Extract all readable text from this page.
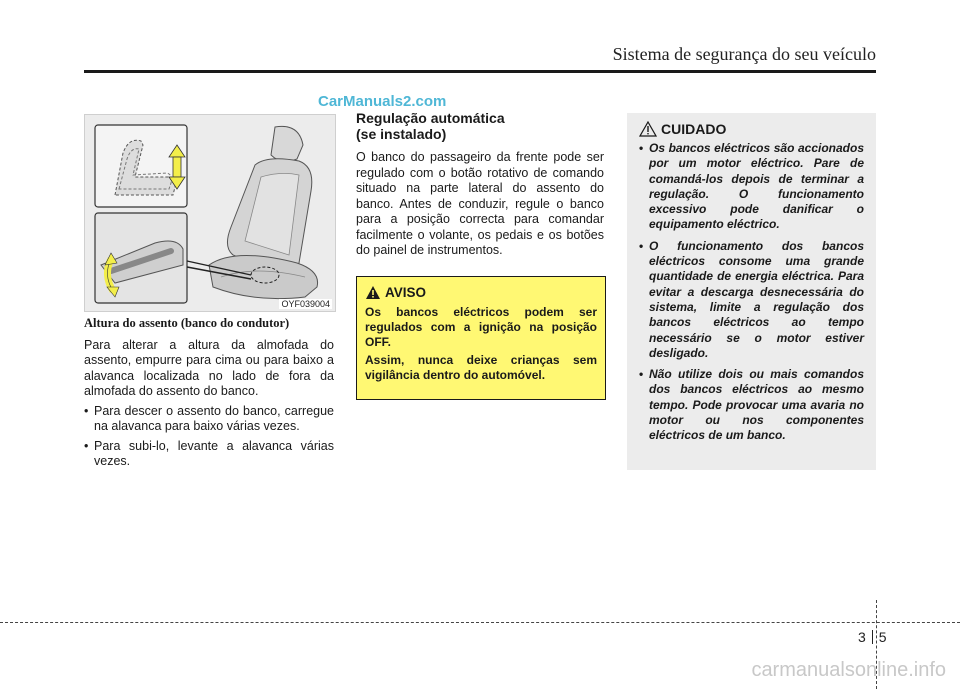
Sistema de segurança do seu veículo
CarManuals2.com
OYF039004
Altura do assento (banco do condutor)

Para alterar a altura da almofada do assento, empurre para cima ou para baixo a alavanca localizada no lado de fora da almofada do assento do banco.

• Para descer o assento do banco, carregue na alavanca para baixo várias vezes.
• Para subi-lo, levante a alavanca várias vezes.
Regulação automática
(se instalado)

O banco do passageiro da frente pode ser regulado com o botão rotativo de comando situado na parte lateral do assento do banco. Antes de conduzir, regule o banco para a posição correcta para comandar facilmente o volante, os pedais e os botões do painel de instrumentos.

AVISO

Os bancos eléctricos podem ser regulados com a ignição na posição OFF.

Assim, nunca deixe crianças sem vigilância dentro do automóvel.

CUIDADO
• Os bancos eléctricos são accionados por um motor eléctrico. Pare de comandá-los depois de terminar a regulação. O funcionamento excessivo pode danificar o equipamento eléctrico.
• O funcionamento dos bancos eléctricos consome uma grande quantidade de energia eléctrica. Para evitar a descarga desnecessária do sistema, limite a regulação dos bancos eléctricos ao tempo necessário se o motor estiver desligado.
• Não utilize dois ou mais comandos dos bancos eléctricos ao mesmo tempo. Pode provocar uma avaria no motor ou nos componentes eléctricos de um banco.
3 5
carmanualsonline.info
